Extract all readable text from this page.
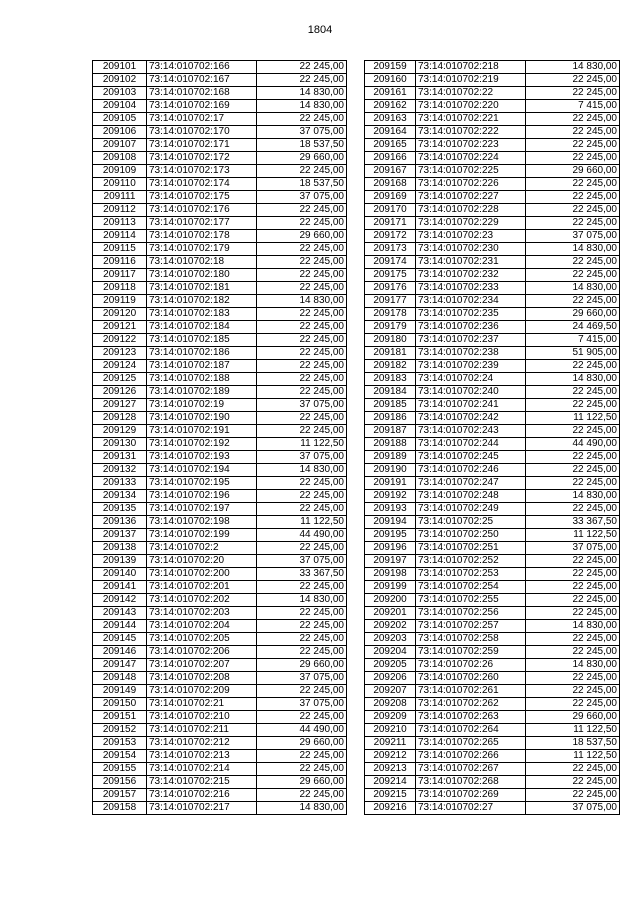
1804
209101	73:14:010702:166	22 245,00
209102	73:14:010702:167	22 245,00
209103	73:14:010702:168	14 830,00
209104	73:14:010702:169	14 830,00
209105	73:14:010702:17	22 245,00
209106	73:14:010702:170	37 075,00
209107	73:14:010702:171	18 537,50
209108	73:14:010702:172	29 660,00
209109	73:14:010702:173	22 245,00
209110	73:14:010702:174	18 537,50
209111	73:14:010702:175	37 075,00
209112	73:14:010702:176	22 245,00
209113	73:14:010702:177	22 245,00
209114	73:14:010702:178	29 660,00
209115	73:14:010702:179	22 245,00
209116	73:14:010702:18	22 245,00
209117	73:14:010702:180	22 245,00
209118	73:14:010702:181	22 245,00
209119	73:14:010702:182	14 830,00
209120	73:14:010702:183	22 245,00
209121	73:14:010702:184	22 245,00
209122	73:14:010702:185	22 245,00
209123	73:14:010702:186	22 245,00
209124	73:14:010702:187	22 245,00
209125	73:14:010702:188	22 245,00
209126	73:14:010702:189	22 245,00
209127	73:14:010702:19	37 075,00
209128	73:14:010702:190	22 245,00
209129	73:14:010702:191	22 245,00
209130	73:14:010702:192	11 122,50
209131	73:14:010702:193	37 075,00
209132	73:14:010702:194	14 830,00
209133	73:14:010702:195	22 245,00
209134	73:14:010702:196	22 245,00
209135	73:14:010702:197	22 245,00
209136	73:14:010702:198	11 122,50
209137	73:14:010702:199	44 490,00
209138	73:14:010702:2	22 245,00
209139	73:14:010702:20	37 075,00
209140	73:14:010702:200	33 367,50
209141	73:14:010702:201	22 245,00
209142	73:14:010702:202	14 830,00
209143	73:14:010702:203	22 245,00
209144	73:14:010702:204	22 245,00
209145	73:14:010702:205	22 245,00
209146	73:14:010702:206	22 245,00
209147	73:14:010702:207	29 660,00
209148	73:14:010702:208	37 075,00
209149	73:14:010702:209	22 245,00
209150	73:14:010702:21	37 075,00
209151	73:14:010702:210	22 245,00
209152	73:14:010702:211	44 490,00
209153	73:14:010702:212	29 660,00
209154	73:14:010702:213	22 245,00
209155	73:14:010702:214	22 245,00
209156	73:14:010702:215	29 660,00
209157	73:14:010702:216	22 245,00
209158	73:14:010702:217	14 830,00
209159	73:14:010702:218	14 830,00
209160	73:14:010702:219	22 245,00
209161	73:14:010702:22	22 245,00
209162	73:14:010702:220	7 415,00
209163	73:14:010702:221	22 245,00
209164	73:14:010702:222	22 245,00
209165	73:14:010702:223	22 245,00
209166	73:14:010702:224	22 245,00
209167	73:14:010702:225	29 660,00
209168	73:14:010702:226	22 245,00
209169	73:14:010702:227	22 245,00
209170	73:14:010702:228	22 245,00
209171	73:14:010702:229	22 245,00
209172	73:14:010702:23	37 075,00
209173	73:14:010702:230	14 830,00
209174	73:14:010702:231	22 245,00
209175	73:14:010702:232	22 245,00
209176	73:14:010702:233	14 830,00
209177	73:14:010702:234	22 245,00
209178	73:14:010702:235	29 660,00
209179	73:14:010702:236	24 469,50
209180	73:14:010702:237	7 415,00
209181	73:14:010702:238	51 905,00
209182	73:14:010702:239	22 245,00
209183	73:14:010702:24	14 830,00
209184	73:14:010702:240	22 245,00
209185	73:14:010702:241	22 245,00
209186	73:14:010702:242	11 122,50
209187	73:14:010702:243	22 245,00
209188	73:14:010702:244	44 490,00
209189	73:14:010702:245	22 245,00
209190	73:14:010702:246	22 245,00
209191	73:14:010702:247	22 245,00
209192	73:14:010702:248	14 830,00
209193	73:14:010702:249	22 245,00
209194	73:14:010702:25	33 367,50
209195	73:14:010702:250	11 122,50
209196	73:14:010702:251	37 075,00
209197	73:14:010702:252	22 245,00
209198	73:14:010702:253	22 245,00
209199	73:14:010702:254	22 245,00
209200	73:14:010702:255	22 245,00
209201	73:14:010702:256	22 245,00
209202	73:14:010702:257	14 830,00
209203	73:14:010702:258	22 245,00
209204	73:14:010702:259	22 245,00
209205	73:14:010702:26	14 830,00
209206	73:14:010702:260	22 245,00
209207	73:14:010702:261	22 245,00
209208	73:14:010702:262	22 245,00
209209	73:14:010702:263	29 660,00
209210	73:14:010702:264	11 122,50
209211	73:14:010702:265	18 537,50
209212	73:14:010702:266	11 122,50
209213	73:14:010702:267	22 245,00
209214	73:14:010702:268	22 245,00
209215	73:14:010702:269	22 245,00
209216	73:14:010702:27	37 075,00
